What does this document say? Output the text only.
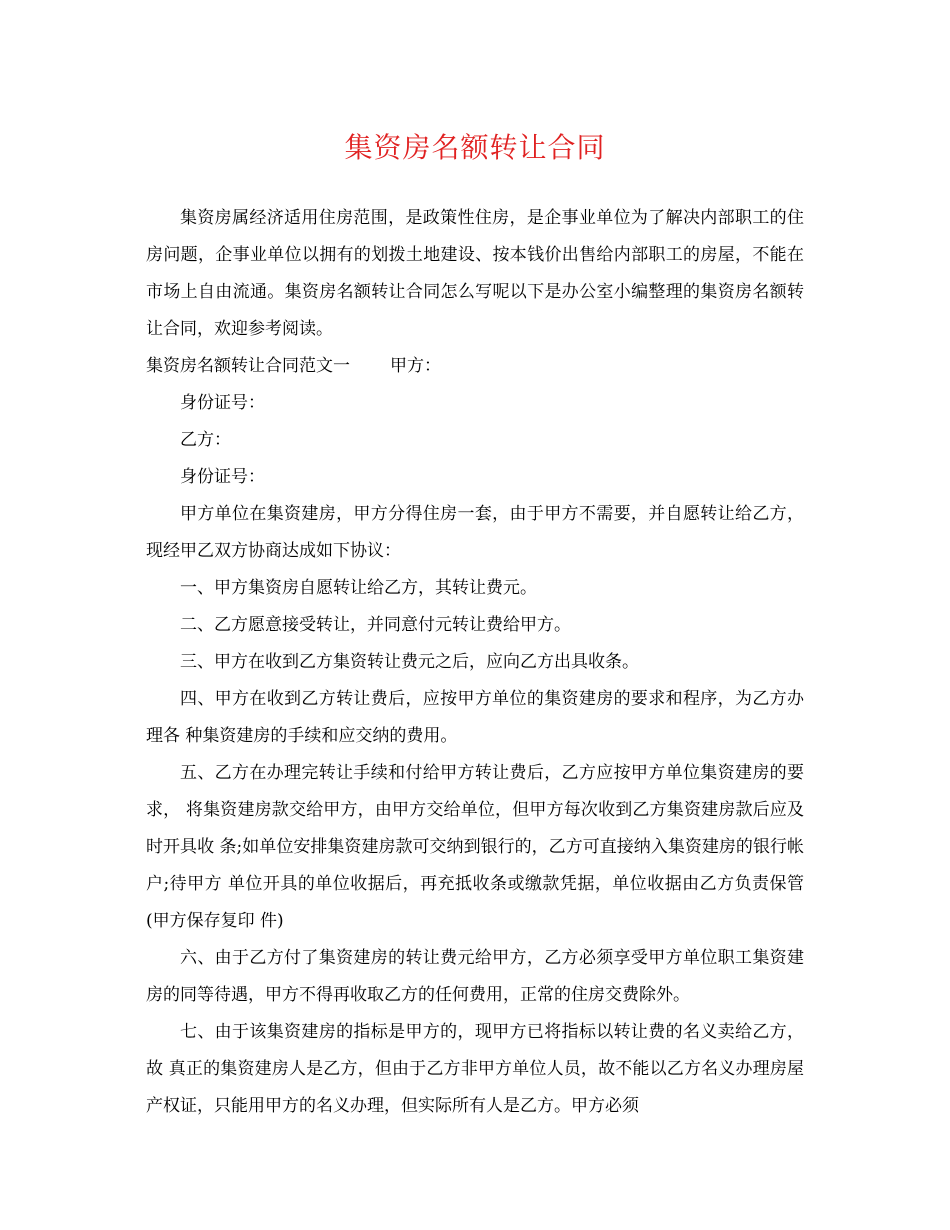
集资房名额转让合同

集资房属经济适用住房范围，是政策性住房，是企事业单位为了解决内部职工的住房问题，企事业单位以拥有的划拨土地建设、按本钱价出售给内部职工的房屋，不能在市场上自由流通。集资房名额转让合同怎么写呢以下是办公室小编整理的集资房名额转让合同，欢迎参考阅读。

集资房名额转让合同范文一 甲方：

身份证号：

乙方：

身份证号：

甲方单位在集资建房，甲方分得住房一套，由于甲方不需要，并自愿转让给乙方，现经甲乙双方协商达成如下协议：

一、甲方集资房自愿转让给乙方，其转让费元。

二、乙方愿意接受转让，并同意付元转让费给甲方。

三、甲方在收到乙方集资转让费元之后，应向乙方出具收条。

四、甲方在收到乙方转让费后，应按甲方单位的集资建房的要求和程序，为乙方办理各 种集资建房的手续和应交纳的费用。

五、乙方在办理完转让手续和付给甲方转让费后，乙方应按甲方单位集资建房的要求， 将集资建房款交给甲方，由甲方交给单位，但甲方每次收到乙方集资建房款后应及时开具收 条;如单位安排集资建房款可交纳到银行的，乙方可直接纳入集资建房的银行帐户;待甲方 单位开具的单位收据后，再充抵收条或缴款凭据，单位收据由乙方负责保管(甲方保存复印 件)

六、由于乙方付了集资建房的转让费元给甲方，乙方必须享受甲方单位职工集资建房的同等待遇，甲方不得再收取乙方的任何费用，正常的住房交费除外。

七、由于该集资建房的指标是甲方的，现甲方已将指标以转让费的名义卖给乙方，故 真正的集资建房人是乙方，但由于乙方非甲方单位人员，故不能以乙方名义办理房屋产权证，只能用甲方的名义办理，但实际所有人是乙方。甲方必须
